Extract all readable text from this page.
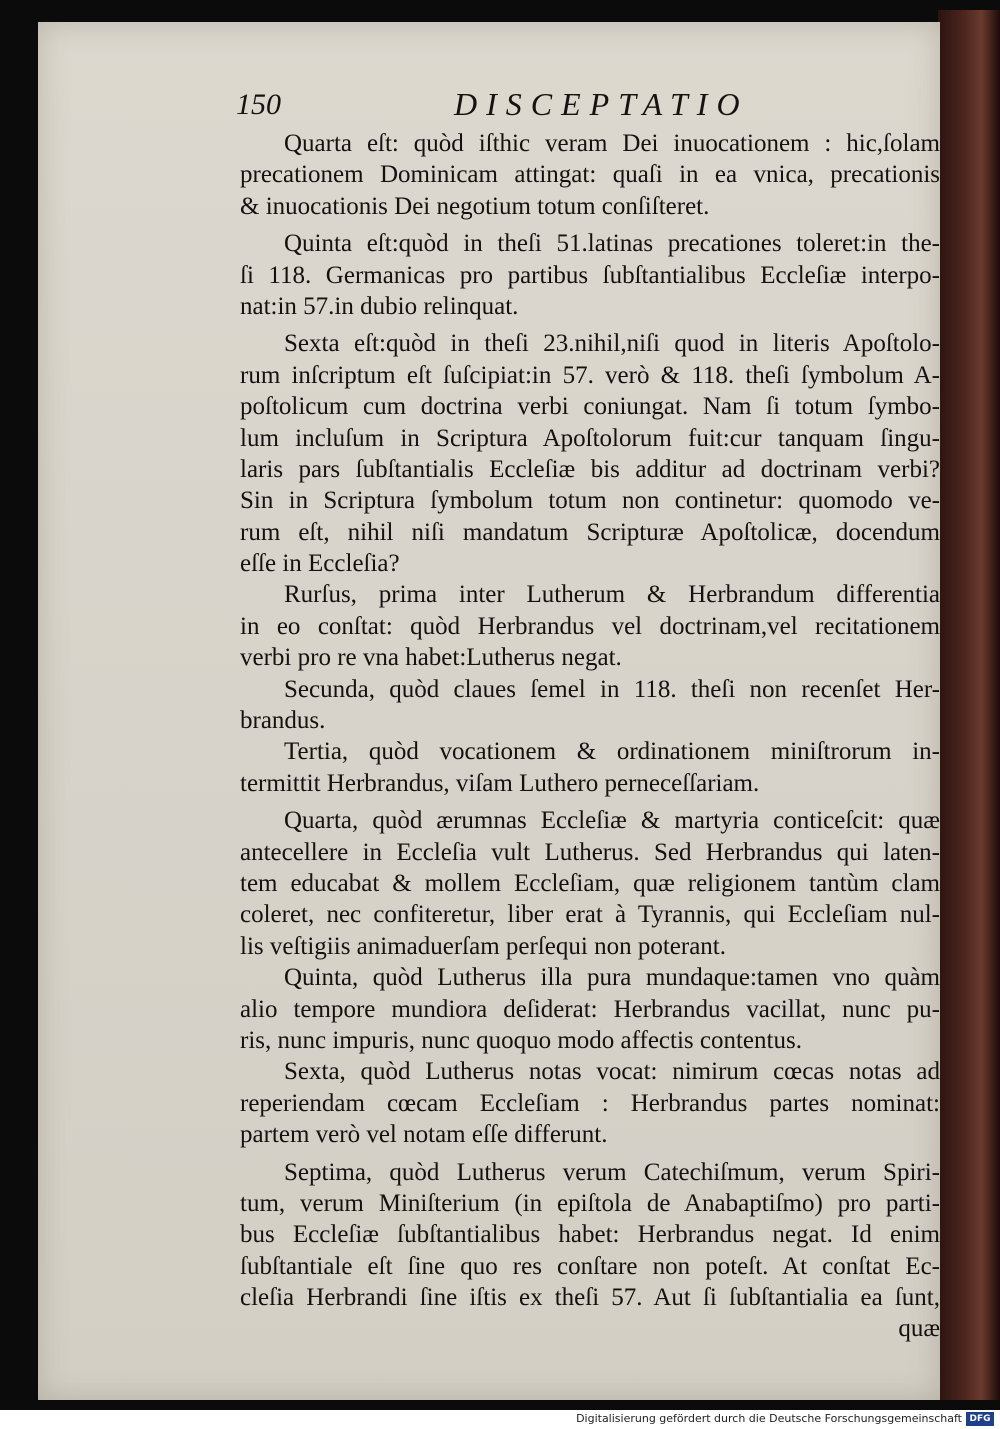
150	DISCEPTATIO
Quarta eſt: quòd iſthic veram Dei inuocationem : hic,ſolam
precationem Dominicam attingat: quaſi in ea vnica, precationis
& inuocationis Dei negotium totum conſiſteret.
Quinta eſt:quòd in theſi 51.latinas precationes toleret:in the-
ſi 118. Germanicas pro partibus ſubſtantialibus Eccleſiæ interpo-
nat:in 57.in dubio relinquat.
Sexta eſt:quòd in theſi 23.nihil,niſi quod in literis Apoſtolo-
rum inſcriptum eſt ſuſcipiat:in 57. verò & 118. theſi ſymbolum A-
poſtolicum cum doctrina verbi coniungat. Nam ſi totum ſymbo-
lum incluſum in Scriptura Apoſtolorum fuit:cur tanquam ſingu-
laris pars ſubſtantialis Eccleſiæ bis additur ad doctrinam verbi?
Sin in Scriptura ſymbolum totum non continetur: quomodo ve-
rum eſt, nihil niſi mandatum Scripturæ Apoſtolicæ, docendum
eſſe in Eccleſia?
Rurſus, prima inter Lutherum & Herbrandum differentia
in eo conſtat: quòd Herbrandus vel doctrinam,vel recitationem
verbi pro re vna habet:Lutherus negat.
Secunda, quòd claues ſemel in 118. theſi non recenſet Her-
brandus.
Tertia, quòd vocationem & ordinationem miniſtrorum in-
termittit Herbrandus, viſam Luthero perneceſſariam.
Quarta, quòd ærumnas Eccleſiæ & martyria conticeſcit: quæ
antecellere in Eccleſia vult Lutherus. Sed Herbrandus qui laten-
tem educabat & mollem Eccleſiam, quæ religionem tantùm clam
coleret, nec confiteretur, liber erat à Tyrannis, qui Eccleſiam nul-
lis veſtigiis animaduerſam perſequi non poterant.
Quinta, quòd Lutherus illa pura mundaque:tamen vno quàm
alio tempore mundiora deſiderat: Herbrandus vacillat, nunc pu-
ris, nunc impuris, nunc quoquo modo affectis contentus.
Sexta, quòd Lutherus notas vocat: nimirum cœcas notas ad
reperiendam cœcam Eccleſiam : Herbrandus partes nominat:
partem verò vel notam eſſe differunt.
Septima, quòd Lutherus verum Catechiſmum, verum Spiri-
tum, verum Miniſterium (in epiſtola de Anabaptiſmo) pro parti-
bus Eccleſiæ ſubſtantialibus habet: Herbrandus negat. Id enim
ſubſtantiale eſt ſine quo res conſtare non poteſt. At conſtat Ec-
cleſia Herbrandi ſine iſtis ex theſi 57. Aut ſi ſubſtantialia ea ſunt,
quæ
Digitalisierung gefördert durch die Deutsche Forschungsgemeinschaft DFG
